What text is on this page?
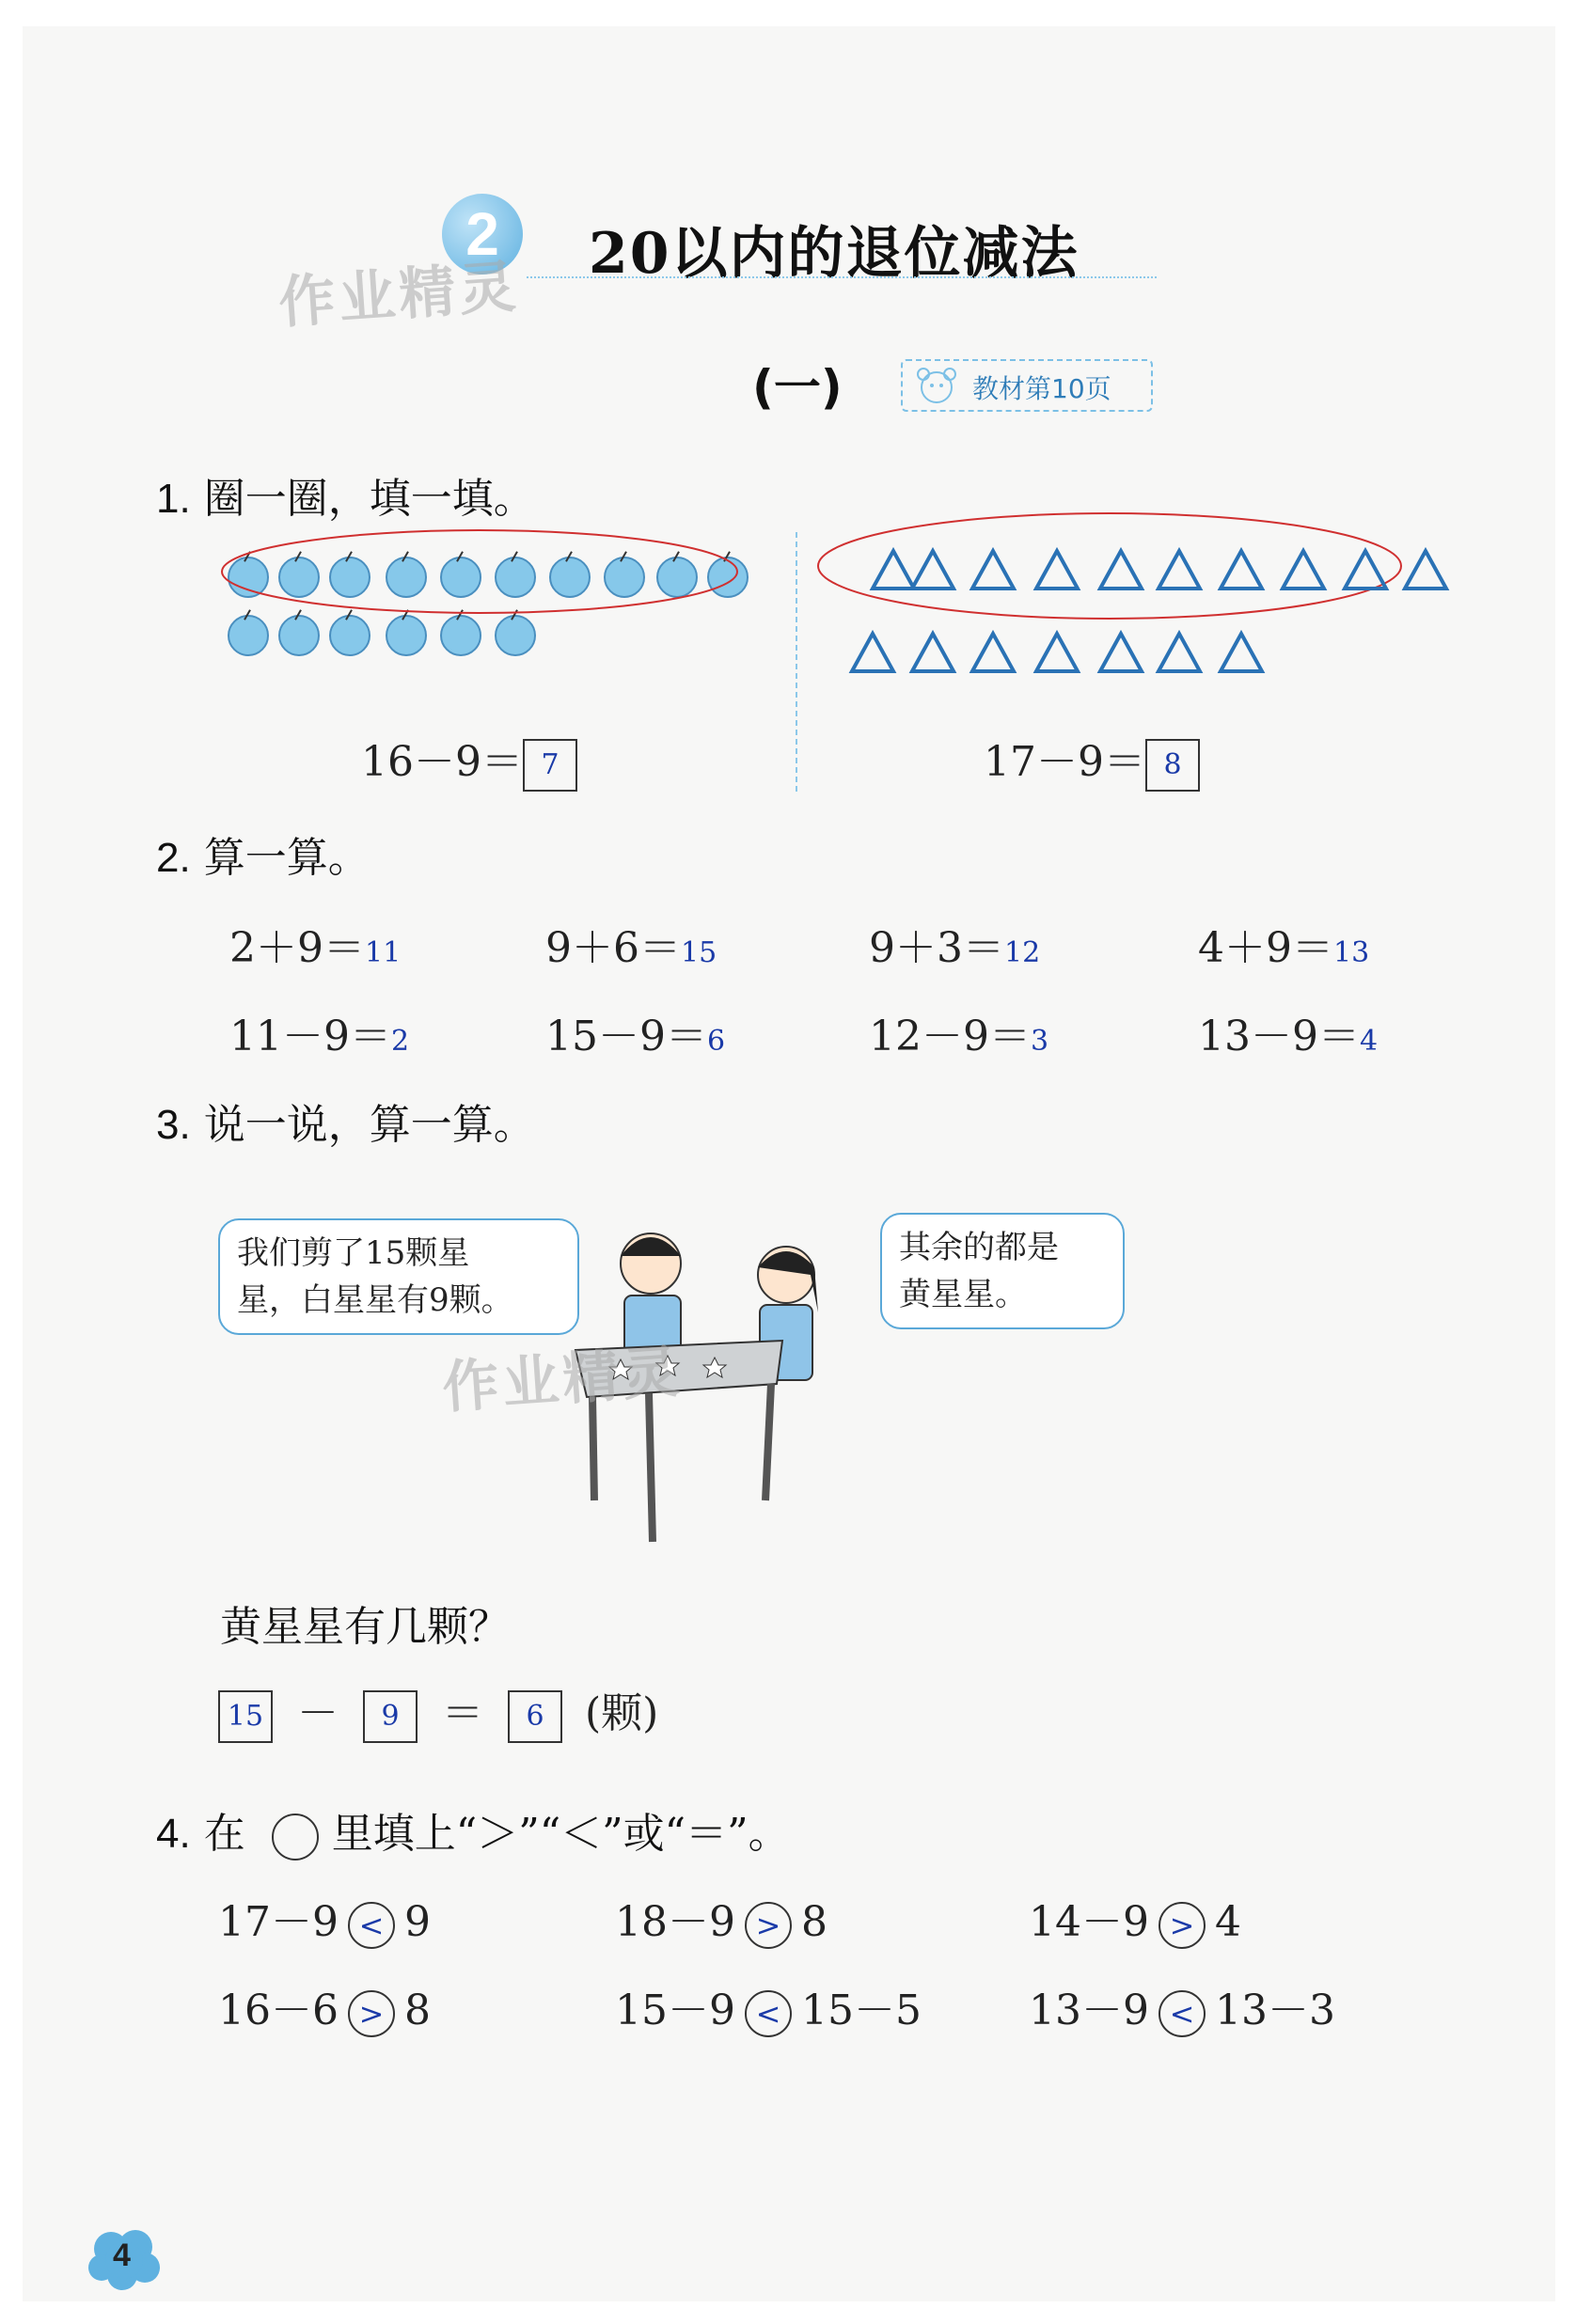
2	20以内的退位减法
作业精灵
(一)	教材第10页
1. 圈一圈，填一填。
16－9＝ 7	17－9＝ 8
2. 算一算。
2＋9＝11	9＋6＝15	9＋3＝12	4＋9＝13
11－9＝2	15－9＝6	12－9＝3	13－9＝4
3. 说一说，算一算。
我们剪了15颗星
星，白星星有9颗。
其余的都是
黄星星。
作业精灵
黄星星有几颗？
15 － 9 ＝ 6 (颗)
4. 在 里填上“＞”“＜”或“＝”。
17－9 < 9	18－9 > 8	14－9 > 4
16－6 > 8	15－9 < 15－5	13－9 < 13－3
4
